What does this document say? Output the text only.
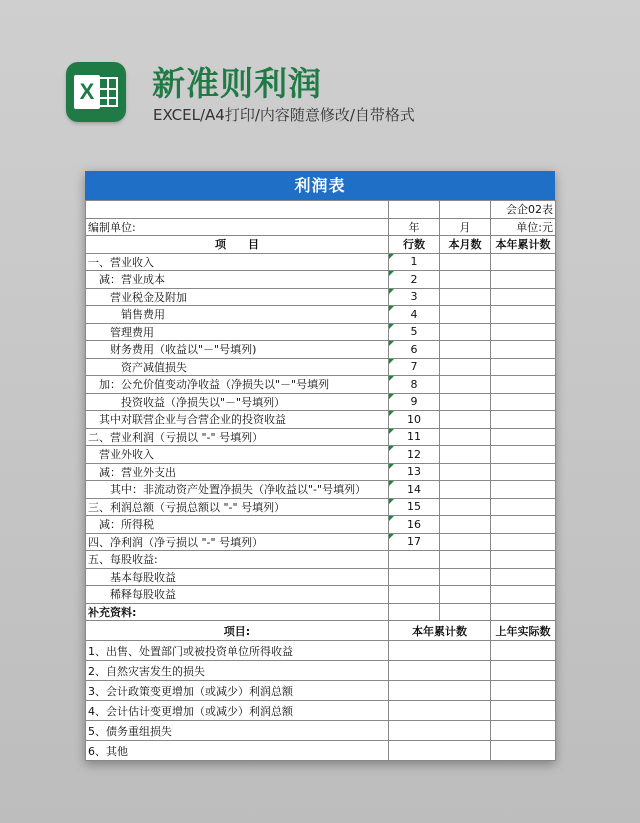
X 新准则利润
EXCEL/A4打印/内容随意修改/自带格式
利润表
			会企02表
编制单位:	年	月	单位:元
项　　目	行数	本月数	本年累计数
一、营业收入	1		
　减：营业成本	2		
　　营业税金及附加	3		
　　　销售费用	4		
　　管理费用	5		
　　财务费用（收益以"－"号填列)	6		
　　　资产减值损失	7		
　加：公允价值变动净收益（净损失以"－"号填列	8		
　　　投资收益（净损失以"－"号填列）	9		
　其中对联营企业与合营企业的投资收益	10		
二、营业利润（亏损以 "-" 号填列）	11		
　营业外收入	12		
　减：营业外支出	13		
　　其中：非流动资产处置净损失（净收益以"-"号填列）	14		
三、利润总额（亏损总额以 "-" 号填列）	15		
　减：所得税	16		
四、净利润（净亏损以 "-" 号填列）	17		
五、每股收益:			
　　基本每股收益			
　　稀释每股收益			
补充资料:			
项目:	本年累计数		上年实际数
1、出售、处置部门或被投资单位所得收益			
2、自然灾害发生的损失			
3、会计政策变更增加（或减少）利润总额			
4、会计估计变更增加（或减少）利润总额			
5、债务重组损失			
6、其他			
